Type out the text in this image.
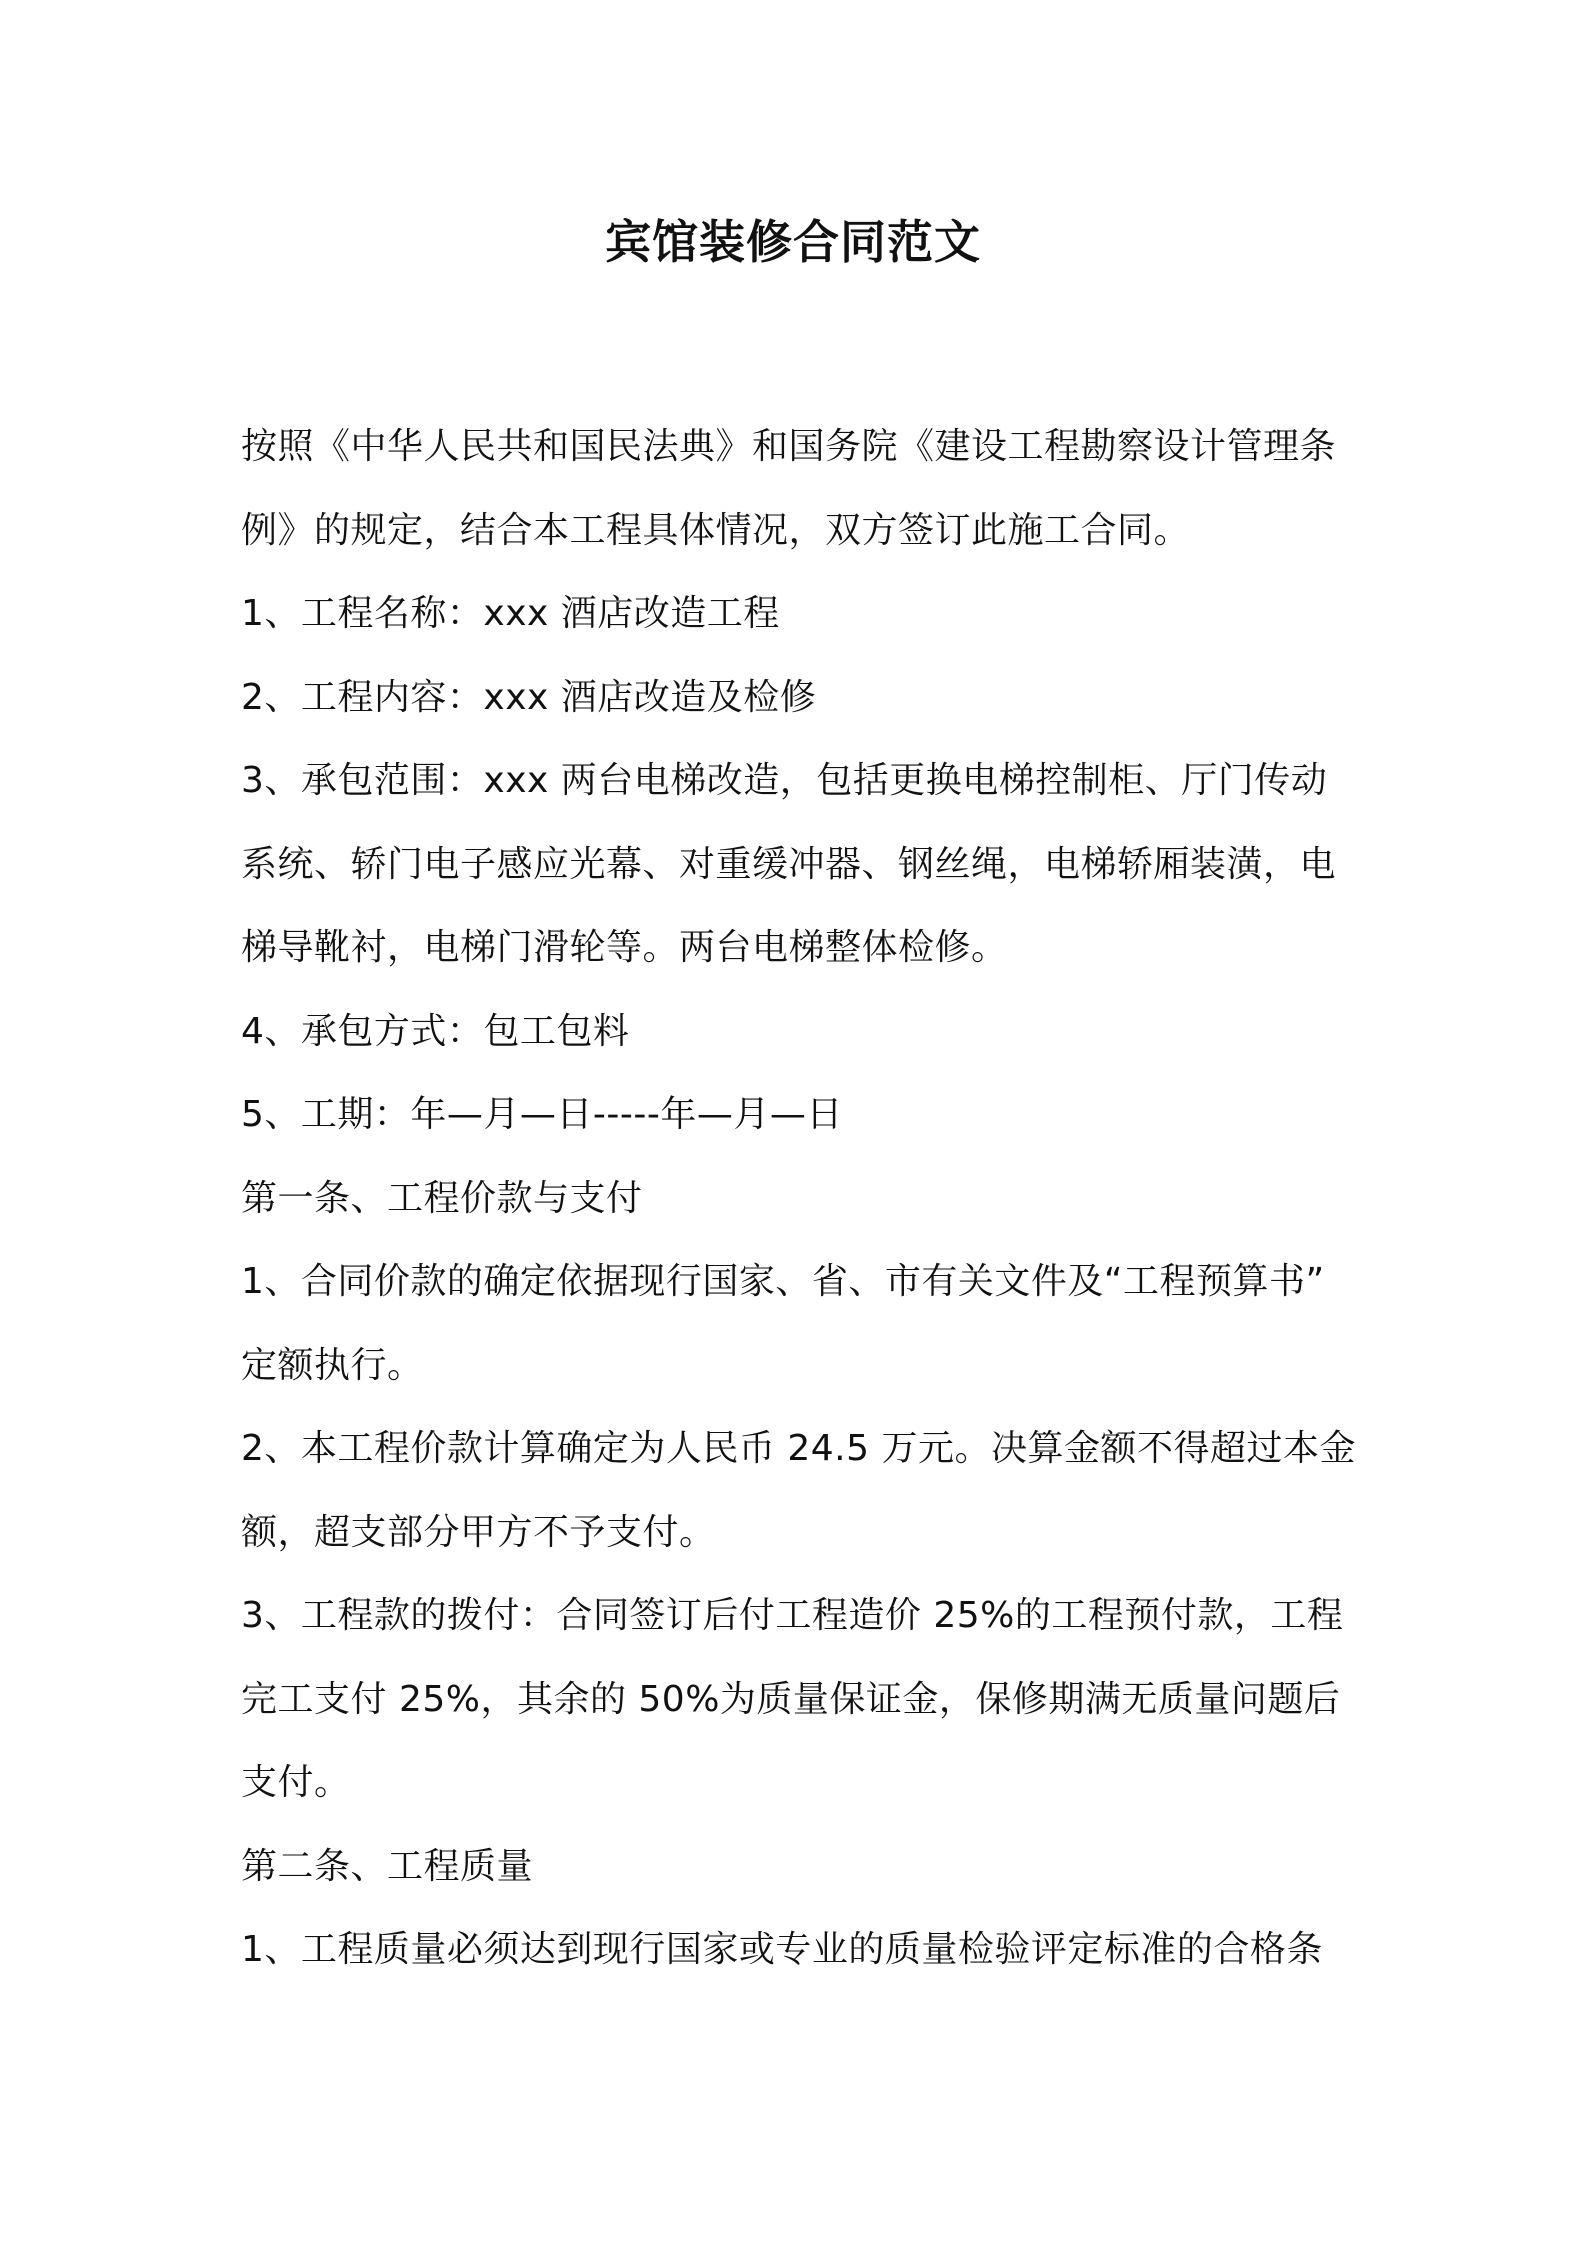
宾馆装修合同范文
按照《中华人民共和国民法典》和国务院《建设工程勘察设计管理条
例》的规定，结合本工程具体情况，双方签订此施工合同。
1、工程名称：xxx 酒店改造工程
2、工程内容：xxx 酒店改造及检修
3、承包范围：xxx 两台电梯改造，包括更换电梯控制柜、厅门传动
系统、轿门电子感应光幕、对重缓冲器、钢丝绳，电梯轿厢装潢，电
梯导靴衬，电梯门滑轮等。两台电梯整体检修。
4、承包方式：包工包料
5、工期：年—月—日-----年—月—日
第一条、工程价款与支付
1、合同价款的确定依据现行国家、省、市有关文件及“工程预算书”
定额执行。
2、本工程价款计算确定为人民币 24.5 万元。决算金额不得超过本金
额，超支部分甲方不予支付。
3、工程款的拨付：合同签订后付工程造价 25%的工程预付款，工程
完工支付 25%，其余的 50%为质量保证金，保修期满无质量问题后
支付。
第二条、工程质量
1、工程质量必须达到现行国家或专业的质量检验评定标准的合格条
